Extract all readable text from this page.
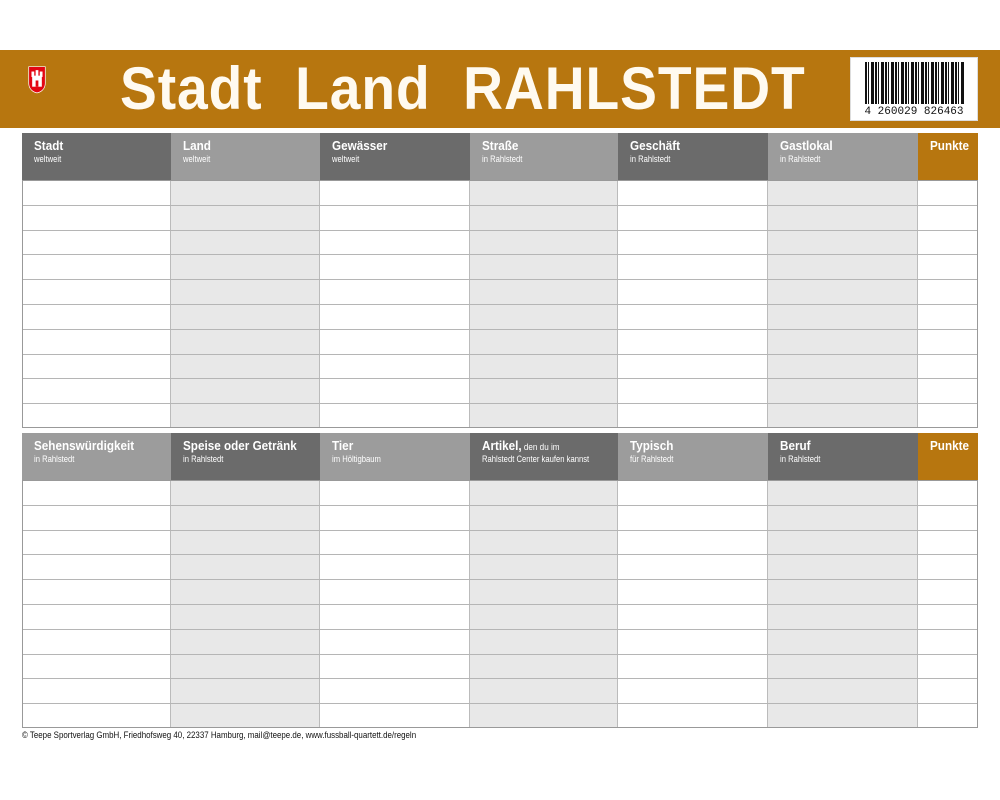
Stadt  Land  RAHLSTEDT	4 260029 826463
Stadt
weltweit
Land
weltweit
Gewässer
weltweit
Straße
in Rahlstedt
Geschäft
in Rahlstedt
Gastlokal
in Rahlstedt
Punkte
Sehenswürdigkeit
in Rahlstedt
Speise oder Getränk
in Rahlstedt
Tier
im Höltigbaum
Artikel, den du im
Rahlstedt Center kaufen kannst
Typisch
für Rahlstedt
Beruf
in Rahlstedt
Punkte
© Teepe Sportverlag GmbH, Friedhofsweg 40, 22337 Hamburg, mail@teepe.de, www.fussball-quartett.de/regeln
